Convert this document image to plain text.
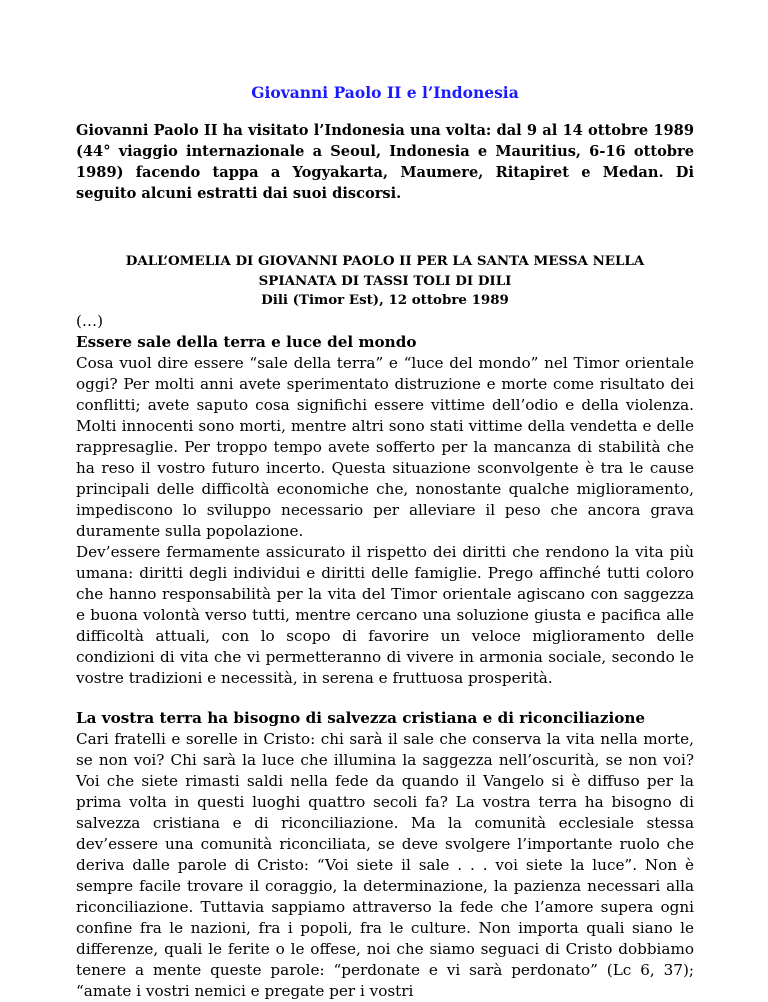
Giovanni Paolo II e l’Indonesia

Giovanni Paolo II ha visitato l’Indonesia una volta: dal 9 al 14 ottobre 1989 (44° viaggio internazionale a Seoul, Indonesia e Mauritius, 6-16 ottobre 1989) facendo tappa a Yogyakarta, Maumere, Ritapiret e Medan. Di seguito alcuni estratti dai suoi discorsi.

DALL’OMELIA DI GIOVANNI PAOLO II PER LA SANTA MESSA NELLA
SPIANATA DI TASSI TOLI DI DILI
Dili (Timor Est), 12 ottobre 1989

(…)

Essere sale della terra e luce del mondo

Cosa vuol dire essere “sale della terra” e “luce del mondo” nel Timor orientale oggi? Per molti anni avete sperimentato distruzione e morte come risultato dei conflitti; avete saputo cosa significhi essere vittime dell’odio e della violenza. Molti innocenti sono morti, mentre altri sono stati vittime della vendetta e delle rappresaglie. Per troppo tempo avete sofferto per la mancanza di stabilità che ha reso il vostro futuro incerto. Questa situazione sconvolgente è tra le cause principali delle difficoltà economiche che, nonostante qualche miglioramento, impediscono lo sviluppo necessario per alleviare il peso che ancora grava duramente sulla popolazione.

Dev’essere fermamente assicurato il rispetto dei diritti che rendono la vita più umana: diritti degli individui e diritti delle famiglie. Prego affinché tutti coloro che hanno responsabilità per la vita del Timor orientale agiscano con saggezza e buona volontà verso tutti, mentre cercano una soluzione giusta e pacifica alle difficoltà attuali, con lo scopo di favorire un veloce miglioramento delle condizioni di vita che vi permetteranno di vivere in armonia sociale, secondo le vostre tradizioni e necessità, in serena e fruttuosa prosperità.

La vostra terra ha bisogno di salvezza cristiana e di riconciliazione

Cari fratelli e sorelle in Cristo: chi sarà il sale che conserva la vita nella morte, se non voi? Chi sarà la luce che illumina la saggezza nell’oscurità, se non voi? Voi che siete rimasti saldi nella fede da quando il Vangelo si è diffuso per la prima volta in questi luoghi quattro secoli fa? La vostra terra ha bisogno di salvezza cristiana e di riconciliazione. Ma la comunità ecclesiale stessa dev’essere una comunità riconciliata, se deve svolgere l’importante ruolo che deriva dalle parole di Cristo: “Voi siete il sale . . . voi siete la luce”. Non è sempre facile trovare il coraggio, la determinazione, la pazienza necessari alla riconciliazione. Tuttavia sappiamo attraverso la fede che l’amore supera ogni confine fra le nazioni, fra i popoli, fra le culture. Non importa quali siano le differenze, quali le ferite o le offese, noi che siamo seguaci di Cristo dobbiamo tenere a mente queste parole: “perdonate e vi sarà perdonato” (Lc 6, 37); “amate i vostri nemici e pregate per i vostri
